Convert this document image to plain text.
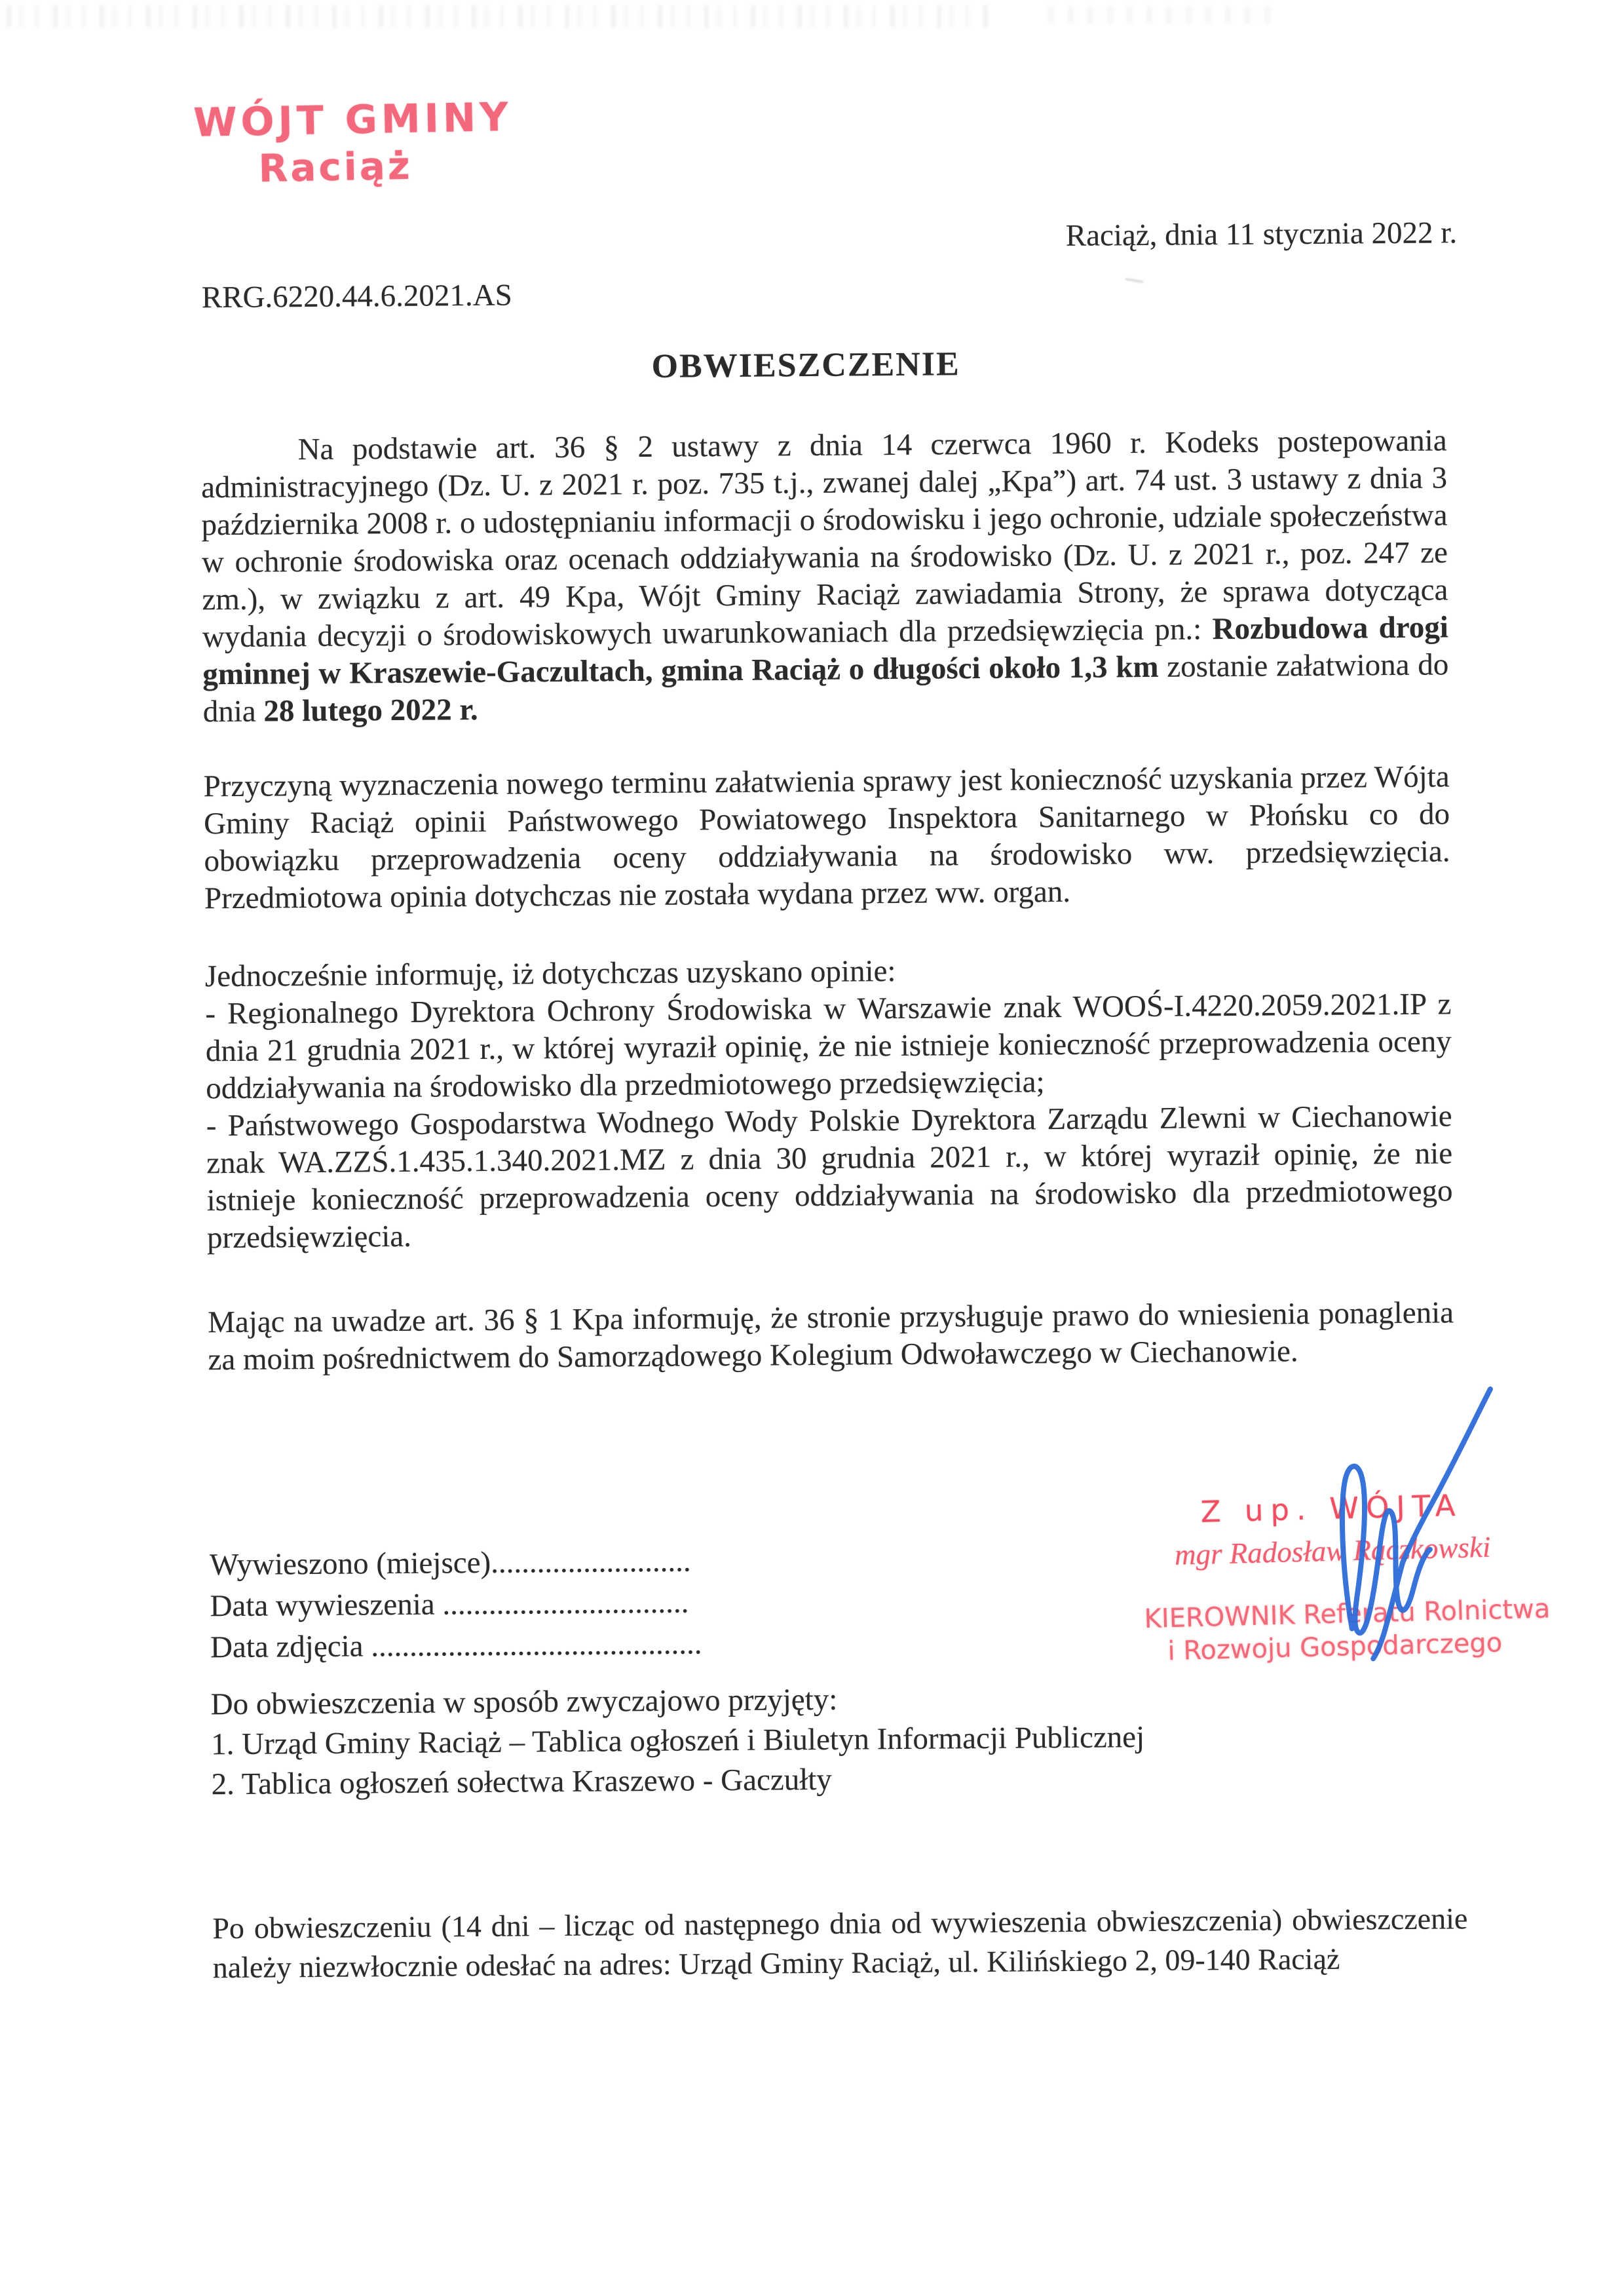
WÓJT GMINY
Raciąż
Raciąż, dnia 11 stycznia 2022 r.
RRG.6220.44.6.2021.AS
OBWIESZCZENIE

Na podstawie art. 36 § 2 ustawy z dnia 14 czerwca 1960 r. Kodeks postepowania administracyjnego (Dz. U. z 2021 r. poz. 735 t.j., zwanej dalej „Kpa”) art. 74 ust. 3 ustawy z dnia 3 października 2008 r. o udostępnianiu informacji o środowisku i jego ochronie, udziale społeczeństwa w ochronie środowiska oraz ocenach oddziaływania na środowisko (Dz. U. z 2021 r., poz. 247 ze zm.), w związku z art. 49 Kpa, Wójt Gminy Raciąż zawiadamia Strony, że sprawa dotycząca wydania decyzji o środowiskowych uwarunkowaniach dla przedsięwzięcia pn.: Rozbudowa drogi gminnej w Kraszewie-Gaczultach, gmina Raciąż o długości około 1,3 km zostanie załatwiona do dnia 28 lutego 2022 r.

Przyczyną wyznaczenia nowego terminu załatwienia sprawy jest konieczność uzyskania przez Wójta Gminy Raciąż opinii Państwowego Powiatowego Inspektora Sanitarnego w Płońsku co do obowiązku przeprowadzenia oceny oddziaływania na środowisko ww. przedsięwzięcia. Przedmiotowa opinia dotychczas nie została wydana przez ww. organ.

Jednocześnie informuję, iż dotychczas uzyskano opinie:

- Regionalnego Dyrektora Ochrony Środowiska w Warszawie znak WOOŚ-I.4220.2059.2021.IP z dnia 21 grudnia 2021 r., w której wyraził opinię, że nie istnieje konieczność przeprowadzenia oceny oddziaływania na środowisko dla przedmiotowego przedsięwzięcia;

- Państwowego Gospodarstwa Wodnego Wody Polskie Dyrektora Zarządu Zlewni w Ciechanowie znak WA.ZZŚ.1.435.1.340.2021.MZ z dnia 30 grudnia 2021 r., w której wyraził opinię, że nie istnieje konieczność przeprowadzenia oceny oddziaływania na środowisko dla przedmiotowego przedsięwzięcia.

Mając na uwadze art. 36 § 1 Kpa informuję, że stronie przysługuje prawo do wniesienia ponaglenia za moim pośrednictwem do Samorządowego Kolegium Odwoławczego w Ciechanowie.

Wywieszono (miejsce)..........................
Data wywieszenia ................................
Data zdjęcia ...........................................
Z up. WÓJTA
mgr Radosław Rączkowski
KIEROWNIK Referatu Rolnictwa
i Rozwoju Gospodarczego
Do obwieszczenia w sposób zwyczajowo przyjęty:
1. Urząd Gminy Raciąż – Tablica ogłoszeń i Biuletyn Informacji Publicznej
2. Tablica ogłoszeń sołectwa Kraszewo - Gaczułty
Po obwieszczeniu (14 dni – licząc od następnego dnia od wywieszenia obwieszczenia) obwieszczenie należy niezwłocznie odesłać na adres: Urząd Gminy Raciąż, ul. Kilińskiego 2, 09-140 Raciąż
